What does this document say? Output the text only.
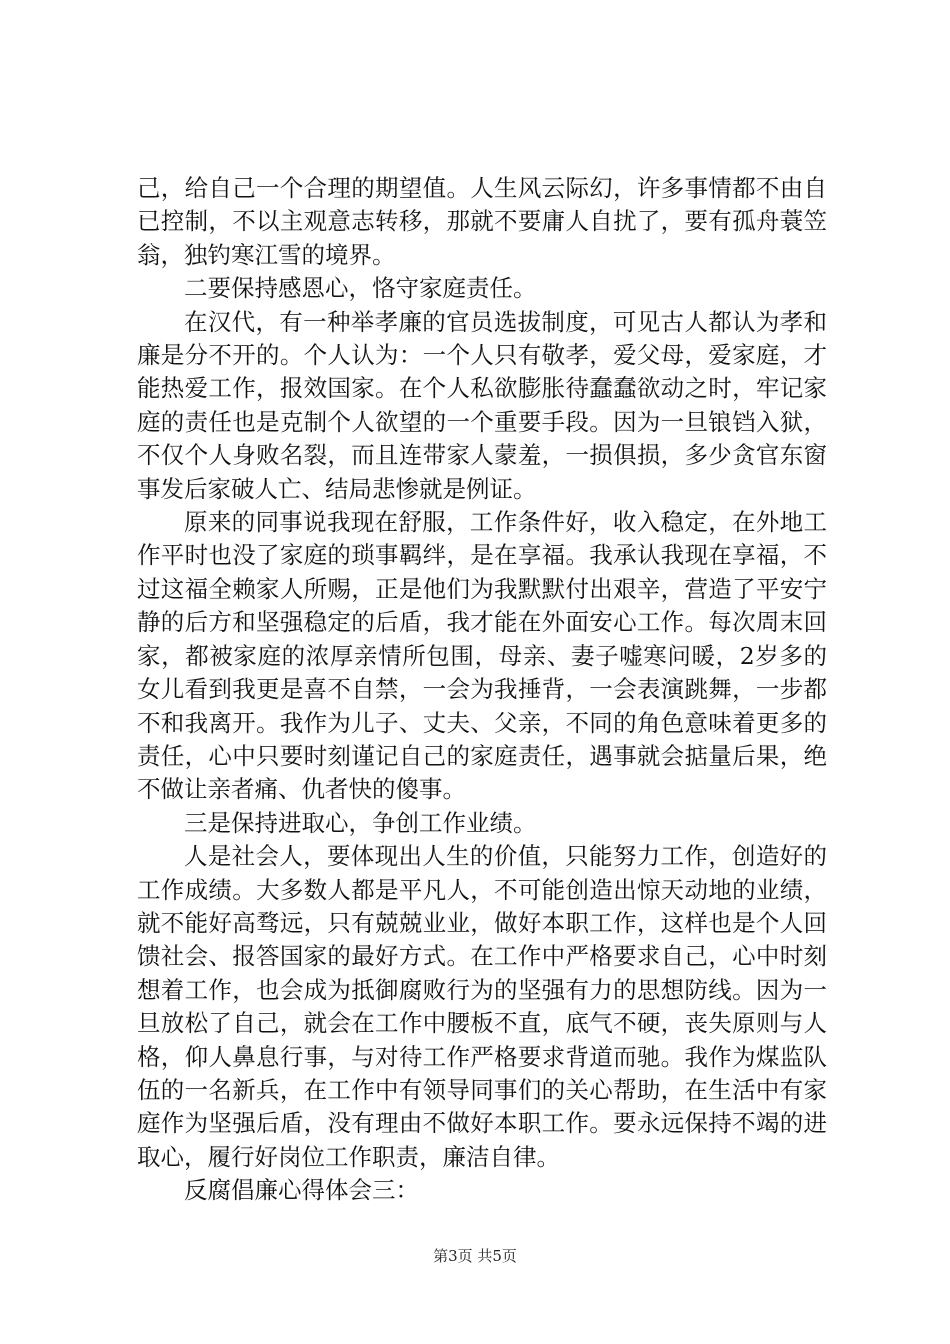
己，给自己一个合理的期望值。人生风云际幻，许多事情都不由自已控制，不以主观意志转移，那就不要庸人自扰了，要有孤舟蓑笠翁，独钓寒江雪的境界。

二要保持感恩心，恪守家庭责任。

在汉代，有一种举孝廉的官员选拔制度，可见古人都认为孝和廉是分不开的。个人认为：一个人只有敬孝，爱父母，爱家庭，才能热爱工作，报效国家。在个人私欲膨胀待蠢蠢欲动之时，牢记家庭的责任也是克制个人欲望的一个重要手段。因为一旦锒铛入狱，不仅个人身败名裂，而且连带家人蒙羞，一损俱损，多少贪官东窗事发后家破人亡、结局悲惨就是例证。

原来的同事说我现在舒服，工作条件好，收入稳定，在外地工作平时也没了家庭的琐事羁绊，是在享福。我承认我现在享福，不过这福全赖家人所赐，正是他们为我默默付出艰辛，营造了平安宁静的后方和坚强稳定的后盾，我才能在外面安心工作。每次周末回家，都被家庭的浓厚亲情所包围，母亲、妻子嘘寒问暖，2岁多的女儿看到我更是喜不自禁，一会为我捶背，一会表演跳舞，一步都不和我离开。我作为儿子、丈夫、父亲，不同的角色意味着更多的责任，心中只要时刻谨记自己的家庭责任，遇事就会掂量后果，绝不做让亲者痛、仇者快的傻事。

三是保持进取心，争创工作业绩。

人是社会人，要体现出人生的价值，只能努力工作，创造好的工作成绩。大多数人都是平凡人，不可能创造出惊天动地的业绩，就不能好高骛远，只有兢兢业业，做好本职工作，这样也是个人回馈社会、报答国家的最好方式。在工作中严格要求自己，心中时刻想着工作，也会成为抵御腐败行为的坚强有力的思想防线。因为一旦放松了自己，就会在工作中腰板不直，底气不硬，丧失原则与人格，仰人鼻息行事，与对待工作严格要求背道而驰。我作为煤监队伍的一名新兵，在工作中有领导同事们的关心帮助，在生活中有家庭作为坚强后盾，没有理由不做好本职工作。要永远保持不竭的进取心，履行好岗位工作职责，廉洁自律。

反腐倡廉心得体会三：

第3页 共5页
